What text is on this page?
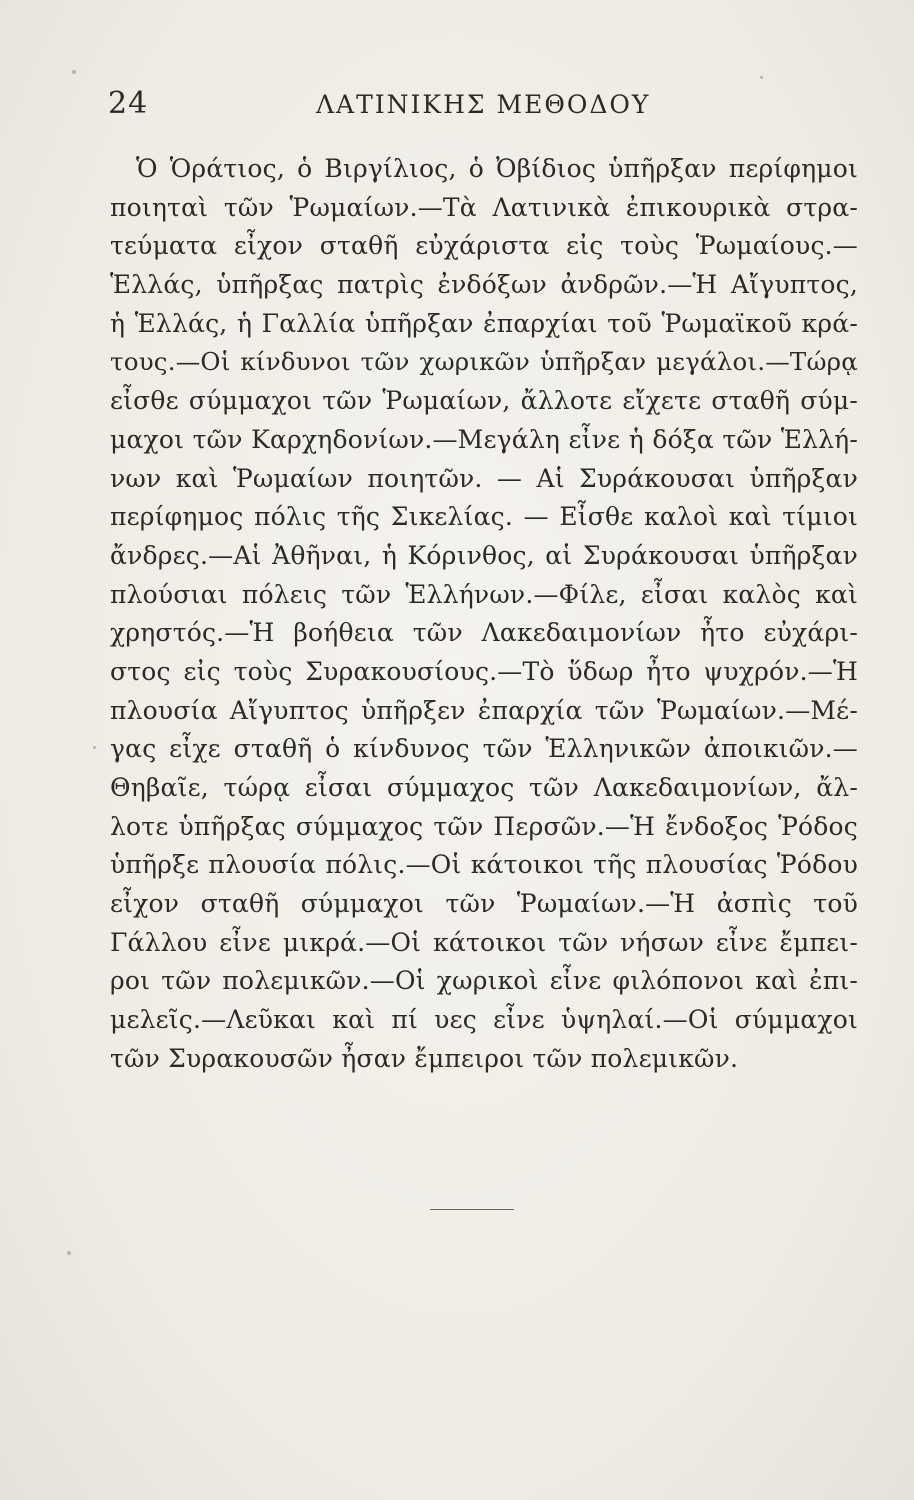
24	ΛΑΤΙΝΙΚΗΣ ΜΕΘΟΔΟΥ
Ὁ Ὁράτιος, ὁ Βιργίλιος, ὁ Ὀβίδιος ὑπῆρξαν περίφημοι
ποιηταὶ τῶν Ῥωμαίων.—Τὰ Λατινικὰ ἐπικουρικὰ στρα-
τεύματα εἶχον σταθῆ εὐχάριστα εἰς τοὺς Ῥωμαίους.—
Ἑλλάς, ὑπῆρξας πατρὶς ἐνδόξων ἀνδρῶν.—Ἡ Αἴγυπτος,
ἡ Ἑλλάς, ἡ Γαλλία ὑπῆρξαν ἐπαρχίαι τοῦ Ῥωμαϊκοῦ κρά-
τους.—Οἱ κίνδυνοι τῶν χωρικῶν ὑπῆρξαν μεγάλοι.—Τώρᾳ
εἶσθε σύμμαχοι τῶν Ῥωμαίων, ἄλλοτε εἴχετε σταθῆ σύμ-
μαχοι τῶν Καρχηδονίων.—Μεγάλη εἶνε ἡ δόξα τῶν Ἑλλή-
νων καὶ Ῥωμαίων ποιητῶν. — Αἱ Συράκουσαι ὑπῆρξαν
περίφημος πόλις τῆς Σικελίας. — Εἶσθε καλοὶ καὶ τίμιοι
ἄνδρες.—Αἱ Ἀθῆναι, ἡ Κόρινθος, αἱ Συράκουσαι ὑπῆρξαν
πλούσιαι πόλεις τῶν Ἑλλήνων.—Φίλε, εἶσαι καλὸς καὶ
χρηστός.—Ἡ βοήθεια τῶν Λακεδαιμονίων ἦτο εὐχάρι-
στος εἰς τοὺς Συρακουσίους.—Τὸ ὕδωρ ἦτο ψυχρόν.—Ἡ
πλουσία Αἴγυπτος ὑπῆρξεν ἐπαρχία τῶν Ῥωμαίων.—Μέ-
γας εἶχε σταθῆ ὁ κίνδυνος τῶν Ἑλληνικῶν ἀποικιῶν.—
Θηβαῖε, τώρᾳ εἶσαι σύμμαχος τῶν Λακεδαιμονίων, ἄλ-
λοτε ὑπῆρξας σύμμαχος τῶν Περσῶν.—Ἡ ἔνδοξος Ῥόδος
ὑπῆρξε πλουσία πόλις.—Οἱ κάτοικοι τῆς πλουσίας Ῥόδου
εἶχον σταθῆ σύμμαχοι τῶν Ῥωμαίων.—Ἡ ἀσπὶς τοῦ
Γάλλου εἶνε μικρά.—Οἱ κάτοικοι τῶν νήσων εἶνε ἔμπει-
ροι τῶν πολεμικῶν.—Οἱ χωρικοὶ εἶνε φιλόπονοι καὶ ἐπι-
μελεῖς.—Λεῦκαι καὶ πί υες εἶνε ὑψηλαί.—Οἱ σύμμαχοι
τῶν Συρακουσῶν ἦσαν ἔμπειροι τῶν πολεμικῶν.
